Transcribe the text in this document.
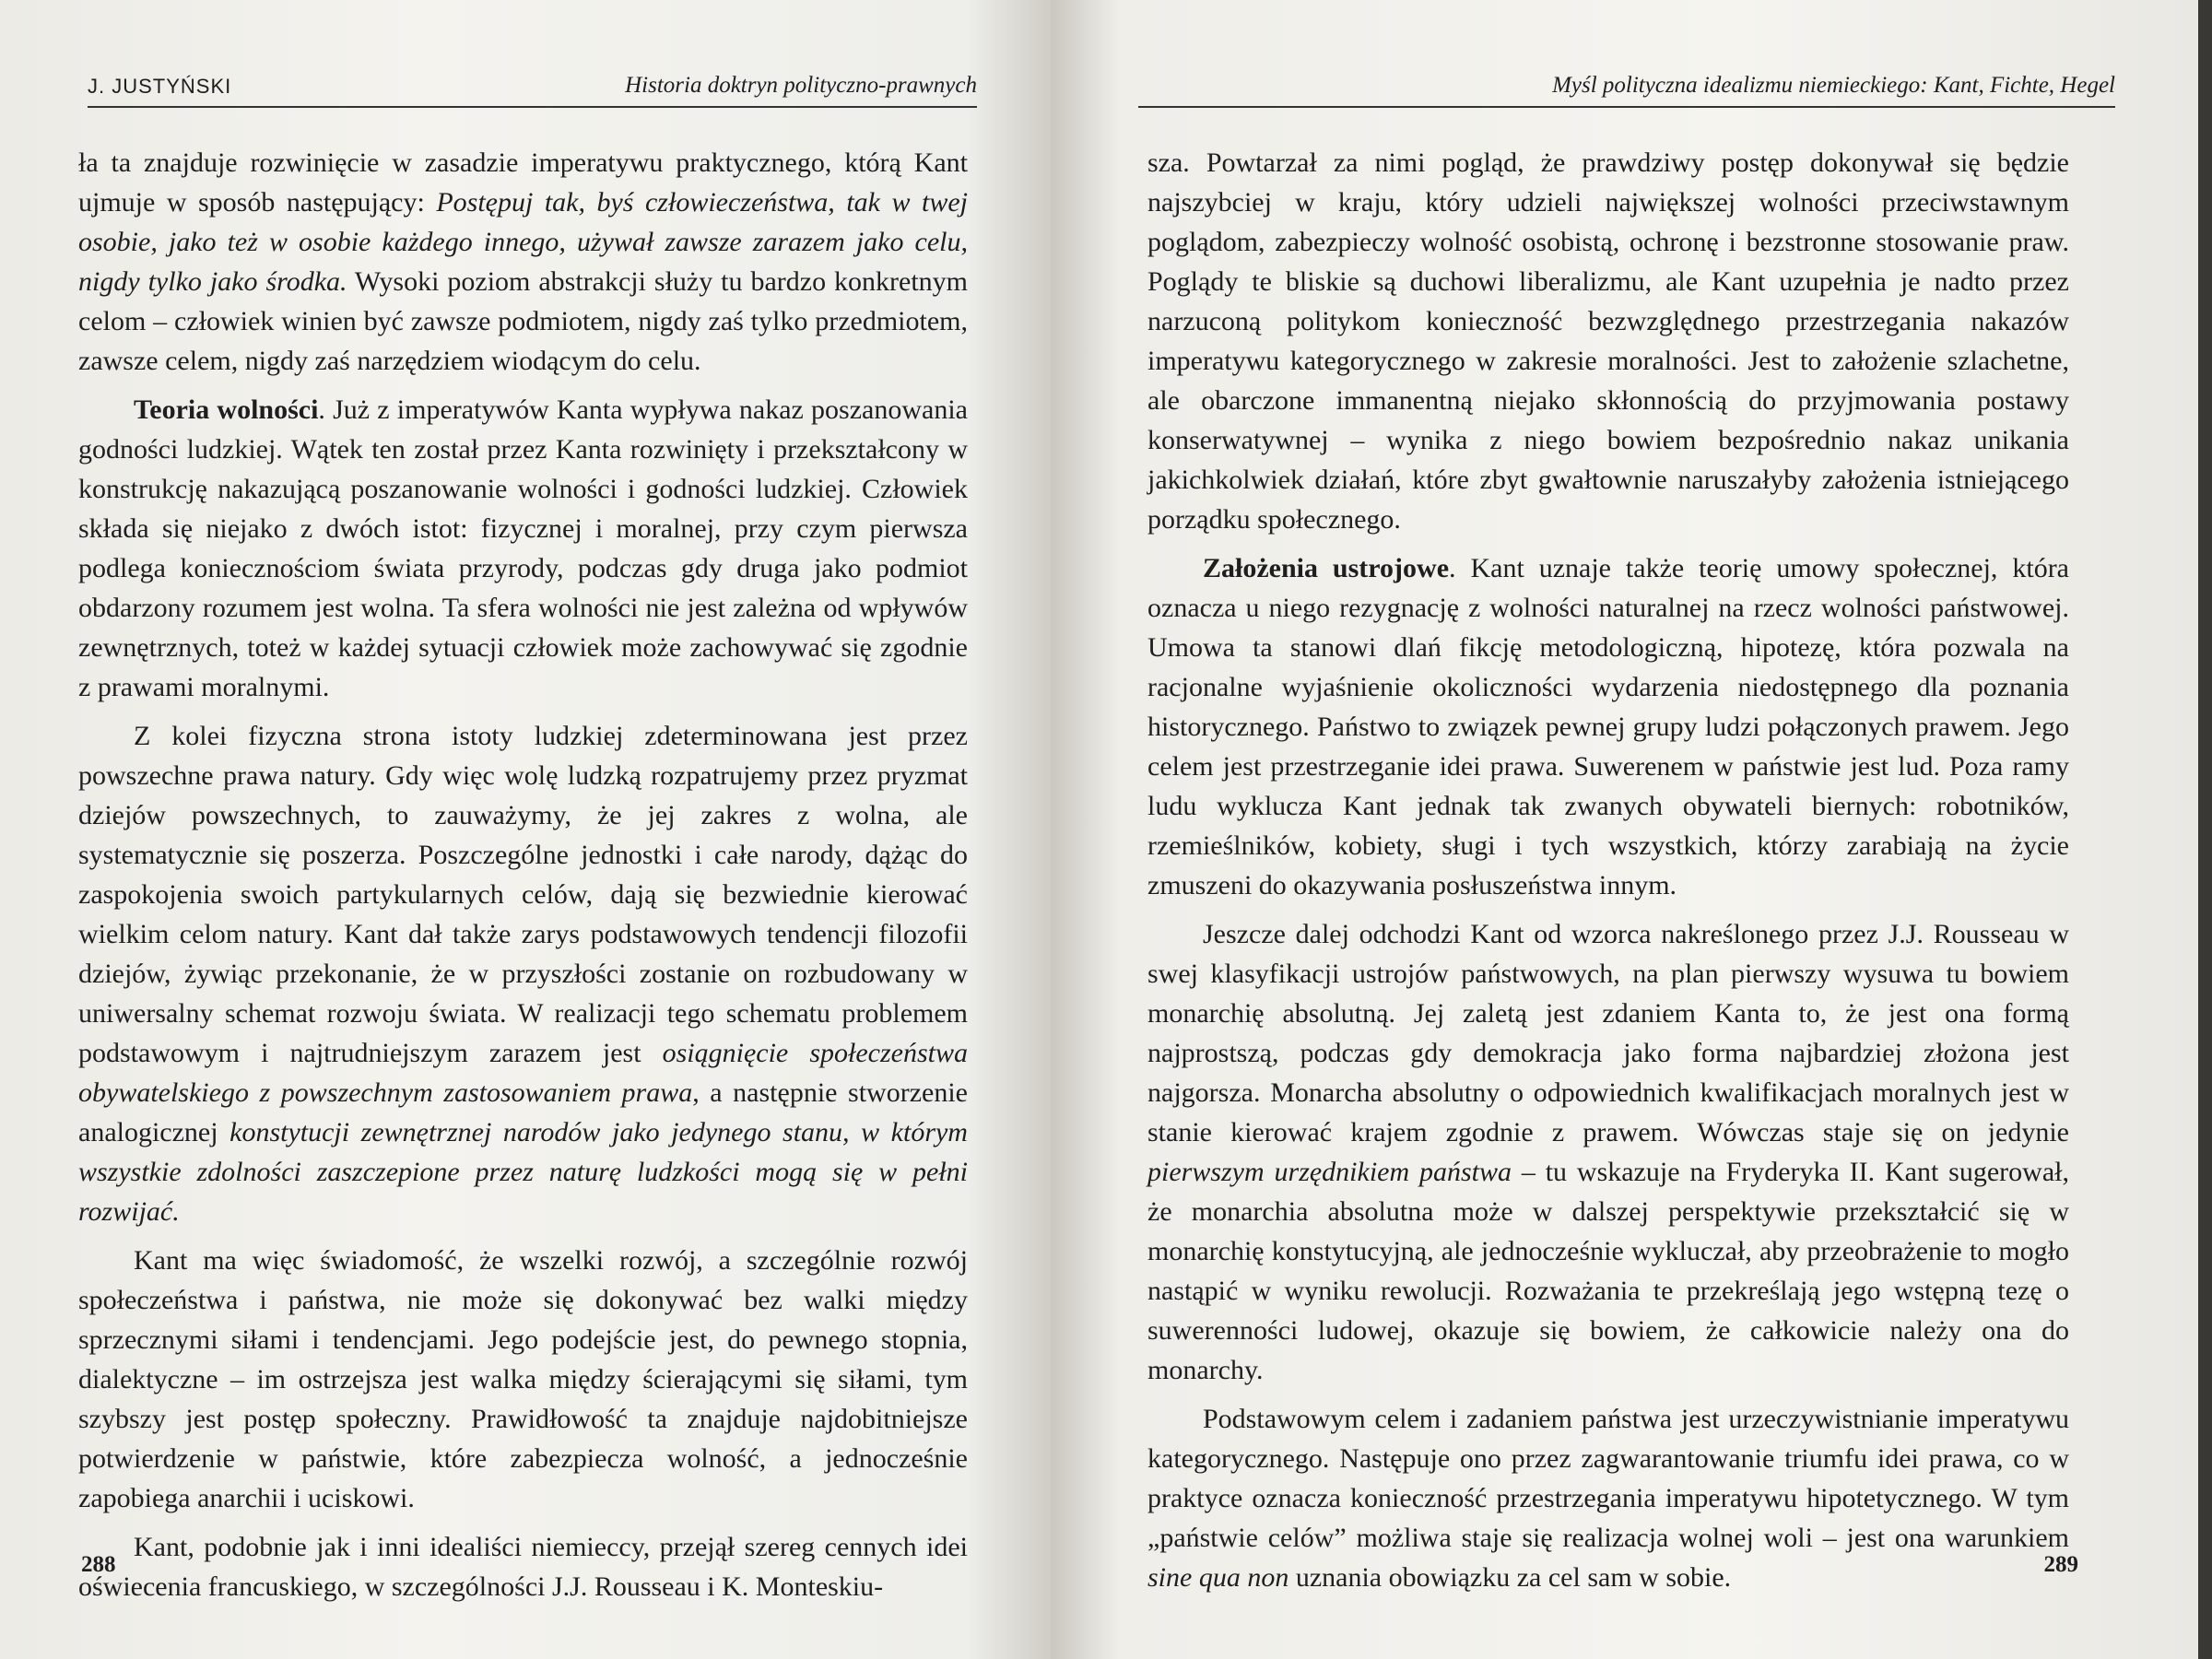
J. JUSTYŃSKI	Historia doktryn polityczno-prawnych

ła ta znajduje rozwinięcie w zasadzie imperatywu praktycznego, którą Kant ujmuje w sposób następujący: Postępuj tak, byś człowieczeństwa, tak w twej osobie, jako też w osobie każdego innego, używał zawsze zarazem jako celu, nigdy tylko jako środka. Wysoki poziom abstrakcji służy tu bardzo konkretnym celom – człowiek winien być zawsze podmiotem, nigdy zaś tylko przedmiotem, zawsze celem, nigdy zaś narzędziem wiodącym do celu.

Teoria wolności. Już z imperatywów Kanta wypływa nakaz poszanowania godności ludzkiej. Wątek ten został przez Kanta rozwinięty i przekształcony w konstrukcję nakazującą poszanowanie wolności i godności ludzkiej. Człowiek składa się niejako z dwóch istot: fizycznej i moralnej, przy czym pierwsza podlega koniecznościom świata przyrody, podczas gdy druga jako podmiot obdarzony rozumem jest wolna. Ta sfera wolności nie jest zależna od wpływów zewnętrznych, toteż w każdej sytuacji człowiek może zachowywać się zgodnie z prawami moralnymi.

Z kolei fizyczna strona istoty ludzkiej zdeterminowana jest przez powszechne prawa natury. Gdy więc wolę ludzką rozpatrujemy przez pryzmat dziejów powszechnych, to zauważymy, że jej zakres z wolna, ale systematycznie się poszerza. Poszczególne jednostki i całe narody, dążąc do zaspokojenia swoich partykularnych celów, dają się bezwiednie kierować wielkim celom natury. Kant dał także zarys podstawowych tendencji filozofii dziejów, żywiąc przekonanie, że w przyszłości zostanie on rozbudowany w uniwersalny schemat rozwoju świata. W realizacji tego schematu problemem podstawowym i najtrudniejszym zarazem jest osiągnięcie społeczeństwa obywatelskiego z powszechnym zastosowaniem prawa, a następnie stworzenie analogicznej konstytucji zewnętrznej narodów jako jedynego stanu, w którym wszystkie zdolności zaszczepione przez naturę ludzkości mogą się w pełni rozwijać.

Kant ma więc świadomość, że wszelki rozwój, a szczególnie rozwój społeczeństwa i państwa, nie może się dokonywać bez walki między sprzecznymi siłami i tendencjami. Jego podejście jest, do pewnego stopnia, dialektyczne – im ostrzejsza jest walka między ścierającymi się siłami, tym szybszy jest postęp społeczny. Prawidłowość ta znajduje najdobitniejsze potwierdzenie w państwie, które zabezpiecza wolność, a jednocześnie zapobiega anarchii i uciskowi.

Kant, podobnie jak i inni idealiści niemieccy, przejął szereg cennych idei oświecenia francuskiego, w szczególności J.J. Rousseau i K. Monteskiu-

288
Myśl polityczna idealizmu niemieckiego: Kant, Fichte, Hegel

sza. Powtarzał za nimi pogląd, że prawdziwy postęp dokonywał się będzie najszybciej w kraju, który udzieli największej wolności przeciwstawnym poglądom, zabezpieczy wolność osobistą, ochronę i bezstronne stosowanie praw. Poglądy te bliskie są duchowi liberalizmu, ale Kant uzupełnia je nadto przez narzuconą politykom konieczność bezwzględnego przestrzegania nakazów imperatywu kategorycznego w zakresie moralności. Jest to założenie szlachetne, ale obarczone immanentną niejako skłonnością do przyjmowania postawy konserwatywnej – wynika z niego bowiem bezpośrednio nakaz unikania jakichkolwiek działań, które zbyt gwałtownie naruszałyby założenia istniejącego porządku społecznego.

Założenia ustrojowe. Kant uznaje także teorię umowy społecznej, która oznacza u niego rezygnację z wolności naturalnej na rzecz wolności państwowej. Umowa ta stanowi dlań fikcję metodologiczną, hipotezę, która pozwala na racjonalne wyjaśnienie okoliczności wydarzenia niedostępnego dla poznania historycznego. Państwo to związek pewnej grupy ludzi połączonych prawem. Jego celem jest przestrzeganie idei prawa. Suwerenem w państwie jest lud. Poza ramy ludu wyklucza Kant jednak tak zwanych obywateli biernych: robotników, rzemieślników, kobiety, sługi i tych wszystkich, którzy zarabiają na życie zmuszeni do okazywania posłuszeństwa innym.

Jeszcze dalej odchodzi Kant od wzorca nakreślonego przez J.J. Rousseau w swej klasyfikacji ustrojów państwowych, na plan pierwszy wysuwa tu bowiem monarchię absolutną. Jej zaletą jest zdaniem Kanta to, że jest ona formą najprostszą, podczas gdy demokracja jako forma najbardziej złożona jest najgorsza. Monarcha absolutny o odpowiednich kwalifikacjach moralnych jest w stanie kierować krajem zgodnie z prawem. Wówczas staje się on jedynie pierwszym urzędnikiem państwa – tu wskazuje na Fryderyka II. Kant sugerował, że monarchia absolutna może w dalszej perspektywie przekształcić się w monarchię konstytucyjną, ale jednocześnie wykluczał, aby przeobrażenie to mogło nastąpić w wyniku rewolucji. Rozważania te przekreślają jego wstępną tezę o suwerenności ludowej, okazuje się bowiem, że całkowicie należy ona do monarchy.

Podstawowym celem i zadaniem państwa jest urzeczywistnianie imperatywu kategorycznego. Następuje ono przez zagwarantowanie triumfu idei prawa, co w praktyce oznacza konieczność przestrzegania imperatywu hipotetycznego. W tym „państwie celów” możliwa staje się realizacja wolnej woli – jest ona warunkiem sine qua non uznania obowiązku za cel sam w sobie.	289
